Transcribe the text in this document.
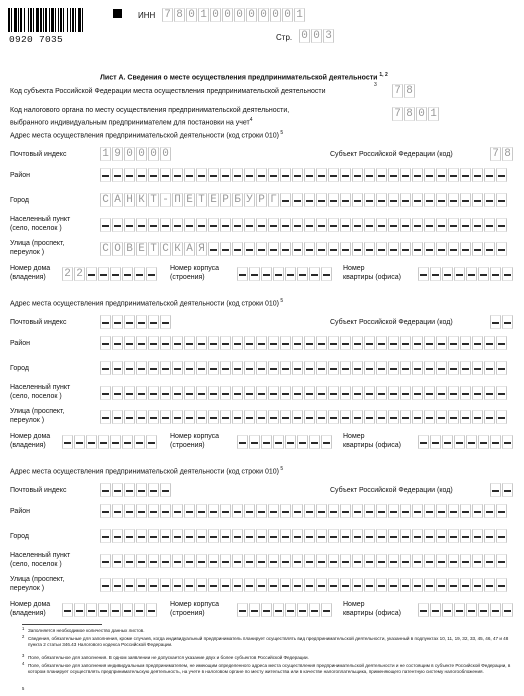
0920 7035
ИНН 7 8 0 1 0 0 0 0 0 0 0 1
Стр. 0 0 3
Лист А. Сведения о месте осуществления предпринимательской деятельности $^{1, 2}$
Код субъекта Российской Федерации места осуществления предпринимательской деятельности
3 7 8
Код налогового органа по месту осуществления предпринимательской деятельности,
выбранного индивидуальным предпринимателем для постановки на учет$^4$	7 8 0 1
Адрес места осуществления предпринимательской деятельности (код строки 010) $^5$
Почтовый индекс	1 9 0 0 0 0	Субъект Российской Федерации (код)	7 8
Район
Город	С А Н К Т - П Е Т Е Р Б У Р Г
Населенный пункт
(село, поселок )
Улица (проспект,
переулок )	С О В Е Т С К А Я
Номер дома
(владения) 2 2	Номер корпуса
(строения)
Номер
квартиры (офиса)
Адрес места осуществления предпринимательской деятельности (код строки 010) $^5$
Почтовый индекс	Субъект Российской Федерации (код)
Район
Город
Населенный пункт
(село, поселок )
Улица (проспект,
переулок )
Номер дома
(владения)
Номер корпуса
(строения)
Номер
квартиры (офиса)
Адрес места осуществления предпринимательской деятельности (код строки 010) $^5$
Почтовый индекс	Субъект Российской Федерации (код)
Район
Город
Населенный пункт
(село, поселок )
Улица (проспект,
переулок )
Номер дома
(владения)
Номер корпуса
(строения)
Номер
квартиры (офиса)
1 Заполняется необходимое количество данных листов.
2 Сведения, обязательные для заполнения, кроме случаев, когда индивидуальный предприниматель планирует осуществлять вид предпринимательской деятельности, указанный в подпунктах 10, 11, 19, 32, 33, 45, 46, 47 и 48 пункта 2 статьи 346.43 Налогового кодекса Российской Федерации.
3 Поле, обязательное для заполнения. В одном заявлении не допускается указание двух и более субъектов Российской Федерации.
4 Поле, обязательное для заполнения индивидуальным предпринимателем, не имеющим определенного адреса места осуществления предпринимательской деятельности и не состоящим в субъекте Российской Федерации, в котором планирует осуществлять предпринимательскую деятельность, на учете в налоговом органе по месту жительства или в качестве налогоплательщика, применяющего патентную систему налогообложения.
5
